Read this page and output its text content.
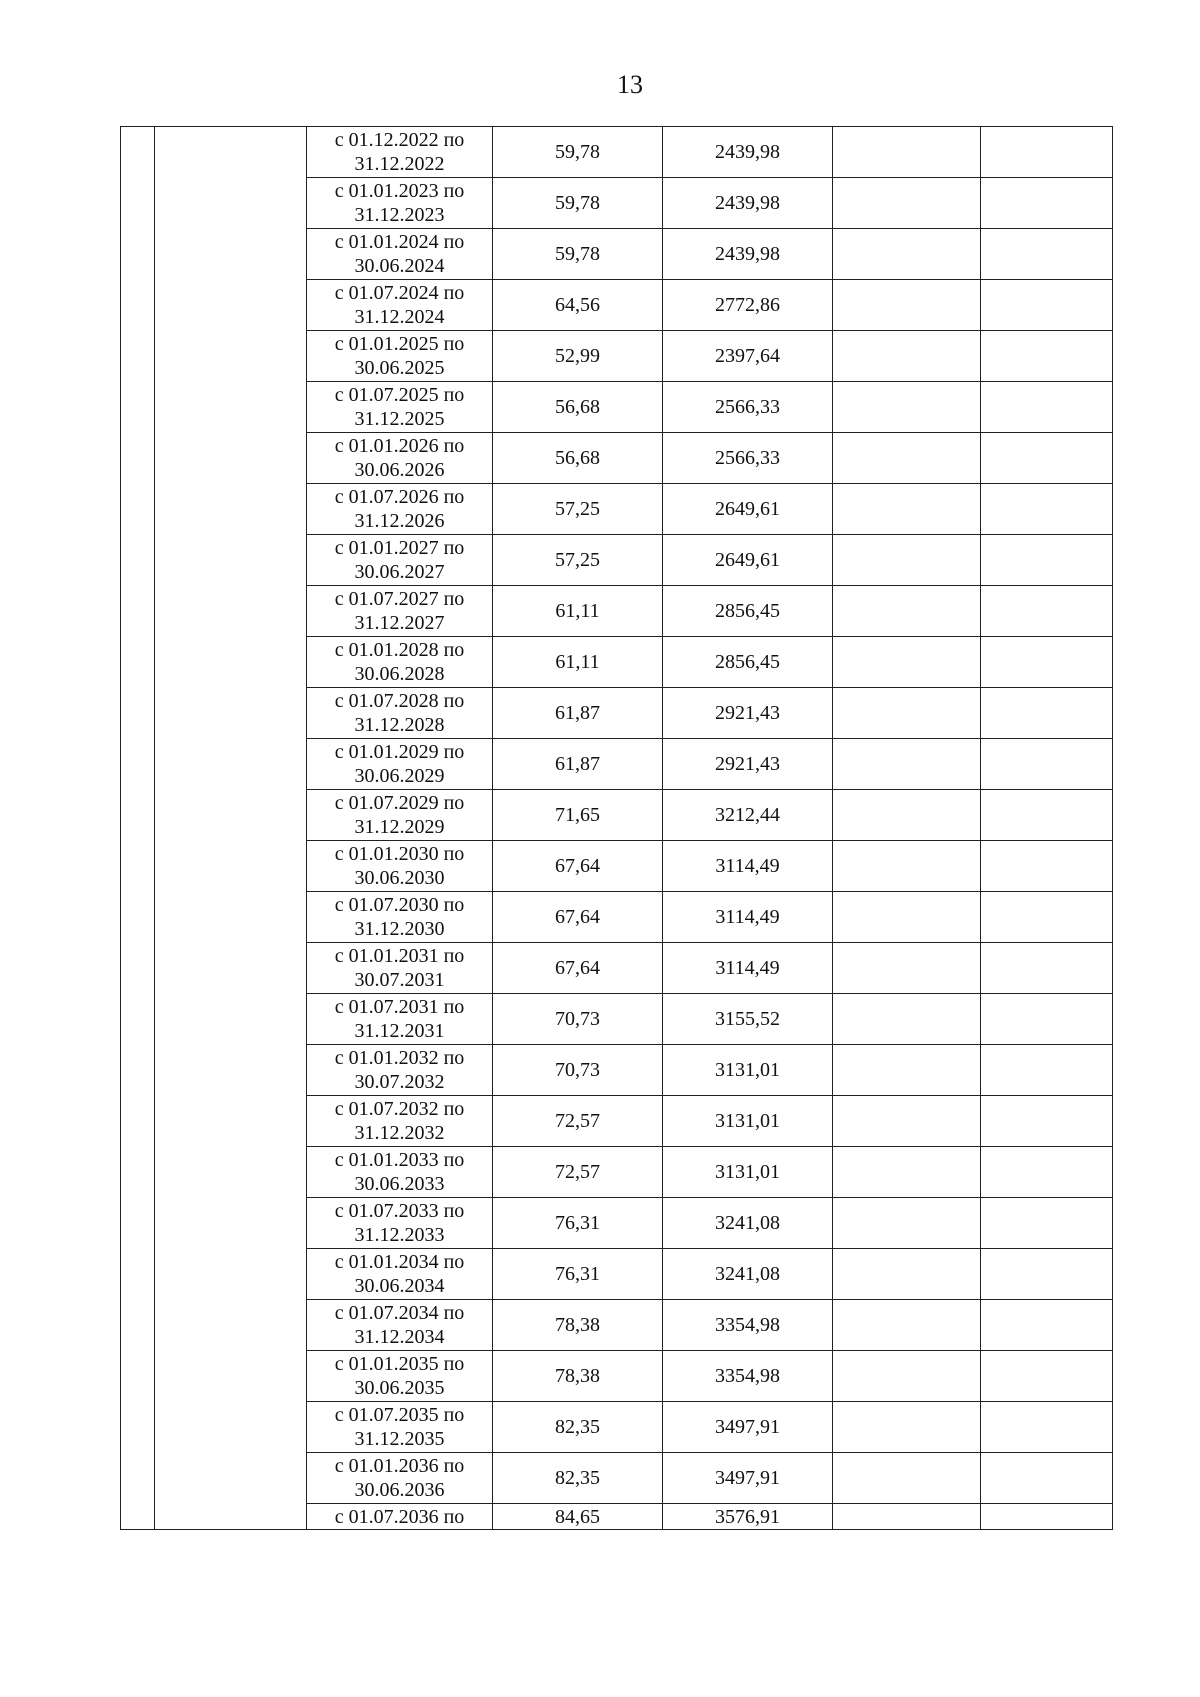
13

		с 01.12.2022 по
31.12.2022	59,78	2439,98		

		с 01.01.2023 по
31.12.2023	59,78	2439,98		

		с 01.01.2024 по
30.06.2024	59,78	2439,98		

		с 01.07.2024 по
31.12.2024	64,56	2772,86		

		с 01.01.2025 по
30.06.2025	52,99	2397,64		

		с 01.07.2025 по
31.12.2025	56,68	2566,33		

		с 01.01.2026 по
30.06.2026	56,68	2566,33		

		с 01.07.2026 по
31.12.2026	57,25	2649,61		

		с 01.01.2027 по
30.06.2027	57,25	2649,61		

		с 01.07.2027 по
31.12.2027	61,11	2856,45		

		с 01.01.2028 по
30.06.2028	61,11	2856,45		

		с 01.07.2028 по
31.12.2028	61,87	2921,43		

		с 01.01.2029 по
30.06.2029	61,87	2921,43		

		с 01.07.2029 по
31.12.2029	71,65	3212,44		

		с 01.01.2030 по
30.06.2030	67,64	3114,49		

		с 01.07.2030 по
31.12.2030	67,64	3114,49		

		с 01.01.2031 по
30.07.2031	67,64	3114,49		

		с 01.07.2031 по
31.12.2031	70,73	3155,52		

		с 01.01.2032 по
30.07.2032	70,73	3131,01		

		с 01.07.2032 по
31.12.2032	72,57	3131,01		

		с 01.01.2033 по
30.06.2033	72,57	3131,01		

		с 01.07.2033 по
31.12.2033	76,31	3241,08		

		с 01.01.2034 по
30.06.2034	76,31	3241,08		

		с 01.07.2034 по
31.12.2034	78,38	3354,98		

		с 01.01.2035 по
30.06.2035	78,38	3354,98		

		с 01.07.2035 по
31.12.2035	82,35	3497,91		

		с 01.01.2036 по
30.06.2036	82,35	3497,91		

		с 01.07.2036 по	84,65	3576,91		
